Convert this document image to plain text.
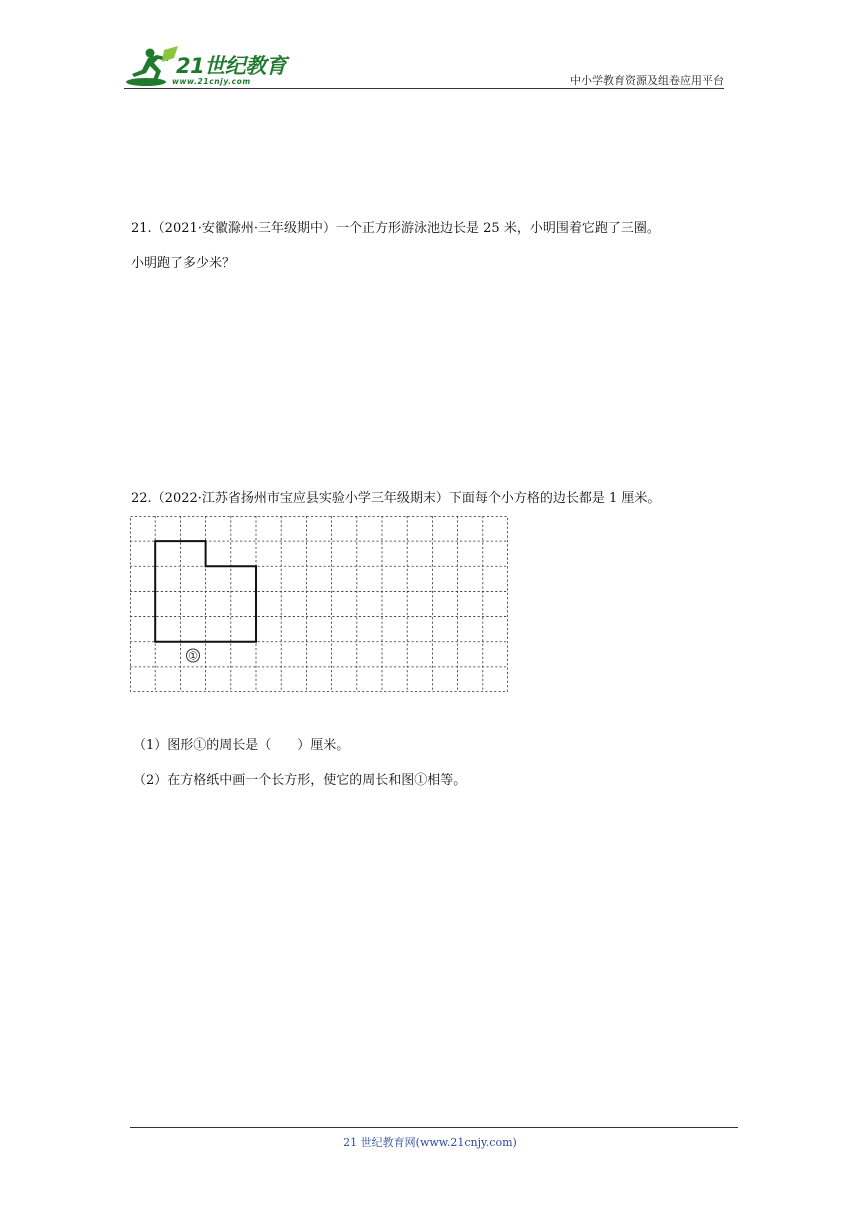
21世纪教育
www.21cnjy.com	中小学教育资源及组卷应用平台
21.（2021·安徽滁州·三年级期中）一个正方形游泳池边长是 25 米，小明围着它跑了三圈。
小明跑了多少米？
22.（2022·江苏省扬州市宝应县实验小学三年级期末）下面每个小方格的边长都是 1 厘米。
①
（1）图形①的周长是（　　）厘米。
（2）在方格纸中画一个长方形，使它的周长和图①相等。
21 世纪教育网(www.21cnjy.com)
